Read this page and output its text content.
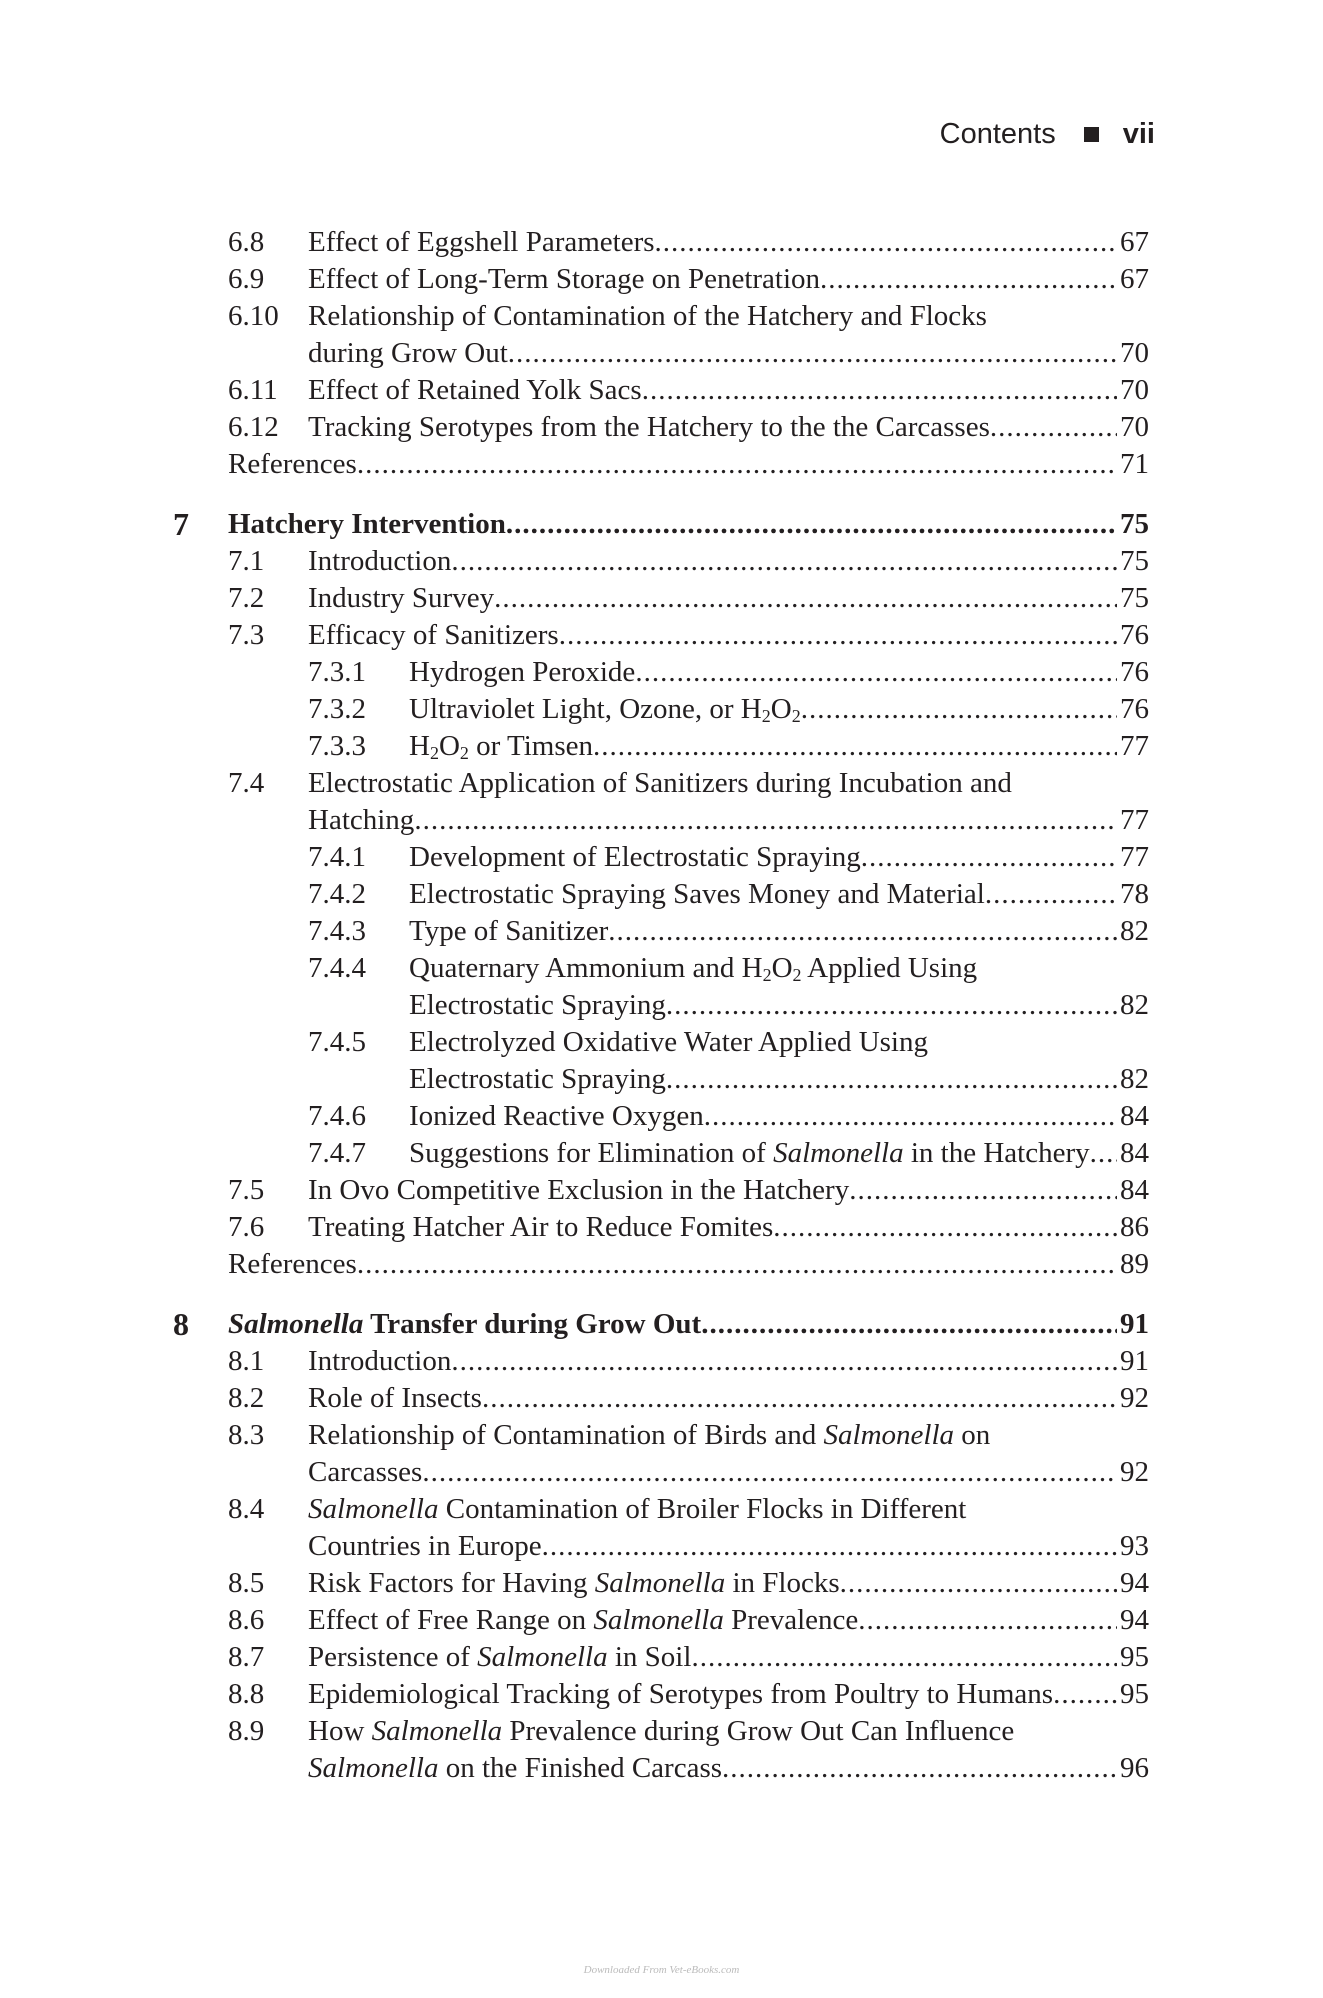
Contents vii
6.8 Effect of Eggshell Parameters .....	67
6.9 Effect of Long-Term Storage on Penetration .....	67
6.10 Relationship of Contamination of the Hatchery and Flocks
during Grow Out .....	70
6.11 Effect of Retained Yolk Sacs .....	70
6.12 Tracking Serotypes from the Hatchery to the the Carcasses .....	70
References .....	71
7 Hatchery Intervention .....	75
7.1 Introduction .....	75
7.2 Industry Survey .....	75
7.3 Efficacy of Sanitizers .....	76
7.3.1 Hydrogen Peroxide .....	76
7.3.2 Ultraviolet Light, Ozone, or $H_2O_2$ .....	76
7.3.3 $H_2O_2$ or Timsen .....	77
7.4 Electrostatic Application of Sanitizers during Incubation and
Hatching .....	77
7.4.1 Development of Electrostatic Spraying .....	77
7.4.2 Electrostatic Spraying Saves Money and Material .....	78
7.4.3 Type of Sanitizer .....	82
7.4.4 Quaternary Ammonium and $H_2O_2$ Applied Using
Electrostatic Spraying .....	82
7.4.5 Electrolyzed Oxidative Water Applied Using
Electrostatic Spraying .....	82
7.4.6 Ionized Reactive Oxygen .....	84
7.4.7 Suggestions for Elimination of Salmonella in the Hatchery ..... 84
7.5 In Ovo Competitive Exclusion in the Hatchery .....	84
7.6 Treating Hatcher Air to Reduce Fomites .....	86
References .....	89
8 Salmonella Transfer during Grow Out .....	91
8.1 Introduction .....	91
8.2 Role of Insects .....	92
8.3 Relationship of Contamination of Birds and Salmonella on
Carcasses .....	92
8.4 Salmonella Contamination of Broiler Flocks in Different
Countries in Europe .....	93
8.5 Risk Factors for Having Salmonella in Flocks .....	94
8.6 Effect of Free Range on Salmonella Prevalence .....	94
8.7 Persistence of Salmonella in Soil .....	95
8.8 Epidemiological Tracking of Serotypes from Poultry to Humans ..... 95
8.9 How Salmonella Prevalence during Grow Out Can Influence
Salmonella on the Finished Carcass .....	96
Downloaded From Vet-eBooks.com
